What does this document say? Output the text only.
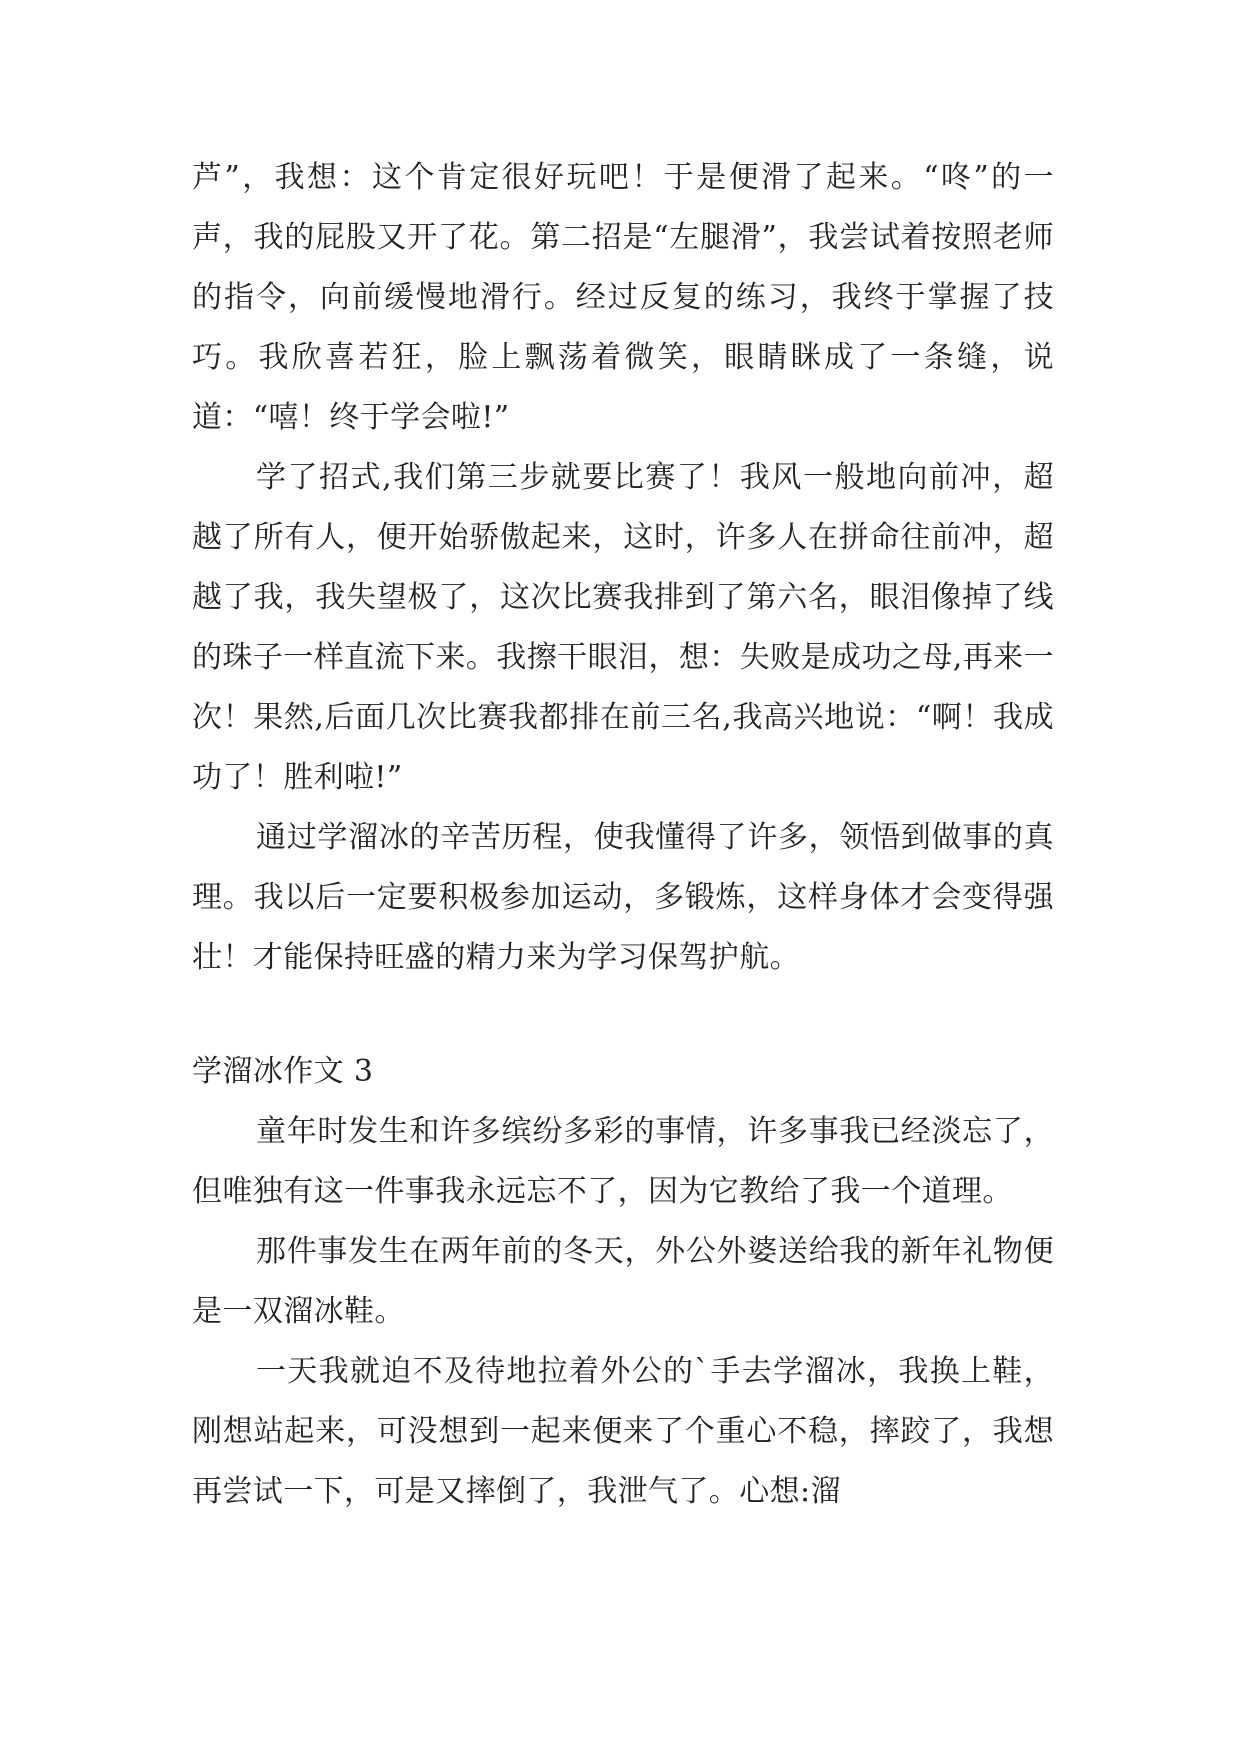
芦”，我想：这个肯定很好玩吧！于是便滑了起来。“咚”的一声，我的屁股又开了花。第二招是“左腿滑”，我尝试着按照老师的指令，向前缓慢地滑行。经过反复的练习，我终于掌握了技巧。我欣喜若狂，脸上飘荡着微笑，眼睛眯成了一条缝，说道：“嘻！终于学会啦!”

学了招式,我们第三步就要比赛了！我风一般地向前冲，超越了所有人，便开始骄傲起来，这时，许多人在拼命往前冲，超越了我，我失望极了，这次比赛我排到了第六名，眼泪像掉了线的珠子一样直流下来。我擦干眼泪，想：失败是成功之母,再来一次！果然,后面几次比赛我都排在前三名,我高兴地说：“啊！我成功了！胜利啦!”

通过学溜冰的辛苦历程，使我懂得了许多，领悟到做事的真理。我以后一定要积极参加运动，多锻炼，这样身体才会变得强壮！才能保持旺盛的精力来为学习保驾护航。

学溜冰作文 3

童年时发生和许多缤纷多彩的事情，许多事我已经淡忘了，但唯独有这一件事我永远忘不了，因为它教给了我一个道理。

那件事发生在两年前的冬天，外公外婆送给我的新年礼物便是一双溜冰鞋。

一天我就迫不及待地拉着外公的`手去学溜冰，我换上鞋，刚想站起来，可没想到一起来便来了个重心不稳，摔跤了，我想再尝试一下，可是又摔倒了，我泄气了。心想:溜
